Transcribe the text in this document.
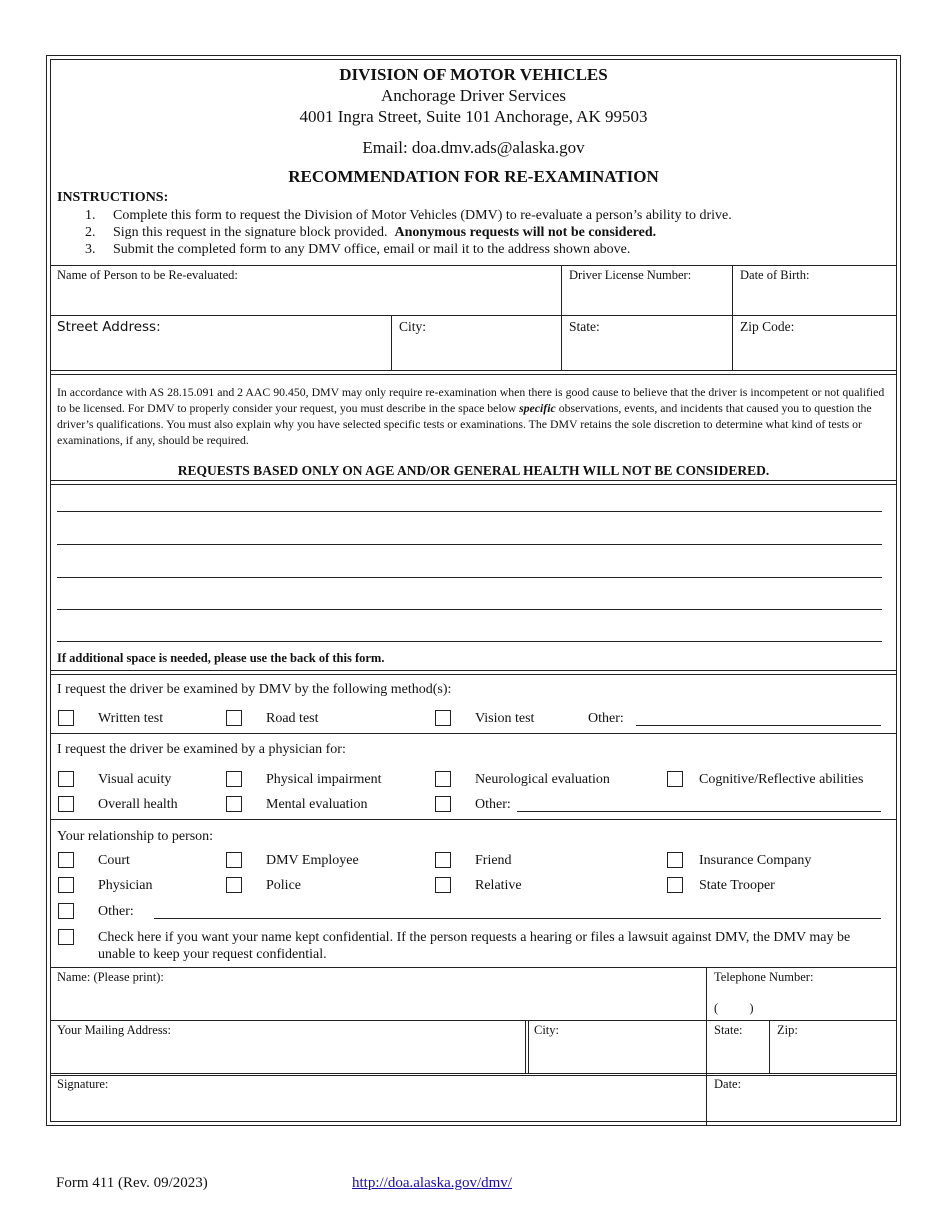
DIVISION OF MOTOR VEHICLES
Anchorage Driver Services
4001 Ingra Street, Suite 101 Anchorage, AK 99503
Email: doa.dmv.ads@alaska.gov
RECOMMENDATION FOR RE-EXAMINATION
INSTRUCTIONS:
1. Complete this form to request the Division of Motor Vehicles (DMV) to re-evaluate a person’s ability to drive.
2. Sign this request in the signature block provided. Anonymous requests will not be considered.
3. Submit the completed form to any DMV office, email or mail it to the address shown above.
Name of Person to be Re-evaluated:	Driver License Number:	Date of Birth:
Street Address:	City:	State:	Zip Code:
In accordance with AS 28.15.091 and 2 AAC 90.450, DMV may only require re-examination when there is good cause to believe that the driver is incompetent or not qualified to be licensed. For DMV to properly consider your request, you must describe in the space below specific observations, events, and incidents that caused you to question the driver’s qualifications. You must also explain why you have selected specific tests or examinations. The DMV retains the sole discretion to determine what kind of tests or examinations, if any, should be required.
REQUESTS BASED ONLY ON AGE AND/OR GENERAL HEALTH WILL NOT BE CONSIDERED.
If additional space is needed, please use the back of this form.
I request the driver be examined by DMV by the following method(s):
Written test	Road test	Vision test	Other:
I request the driver be examined by a physician for:
Visual acuity	Physical impairment	Neurological evaluation	Cognitive/Reflective abilities
Overall health	Mental evaluation	Other:
Your relationship to person:
Court	DMV Employee	Friend	Insurance Company
Physician	Police	Relative	State Trooper
Other:
Check here if you want your name kept confidential. If the person requests a hearing or files a lawsuit against DMV, the DMV may be unable to keep your request confidential.
Name: (Please print):	Telephone Number:
(          )
Your Mailing Address:	City:	State:	Zip:
Signature:	Date:
Form 411 (Rev. 09/2023)	http://doa.alaska.gov/dmv/
